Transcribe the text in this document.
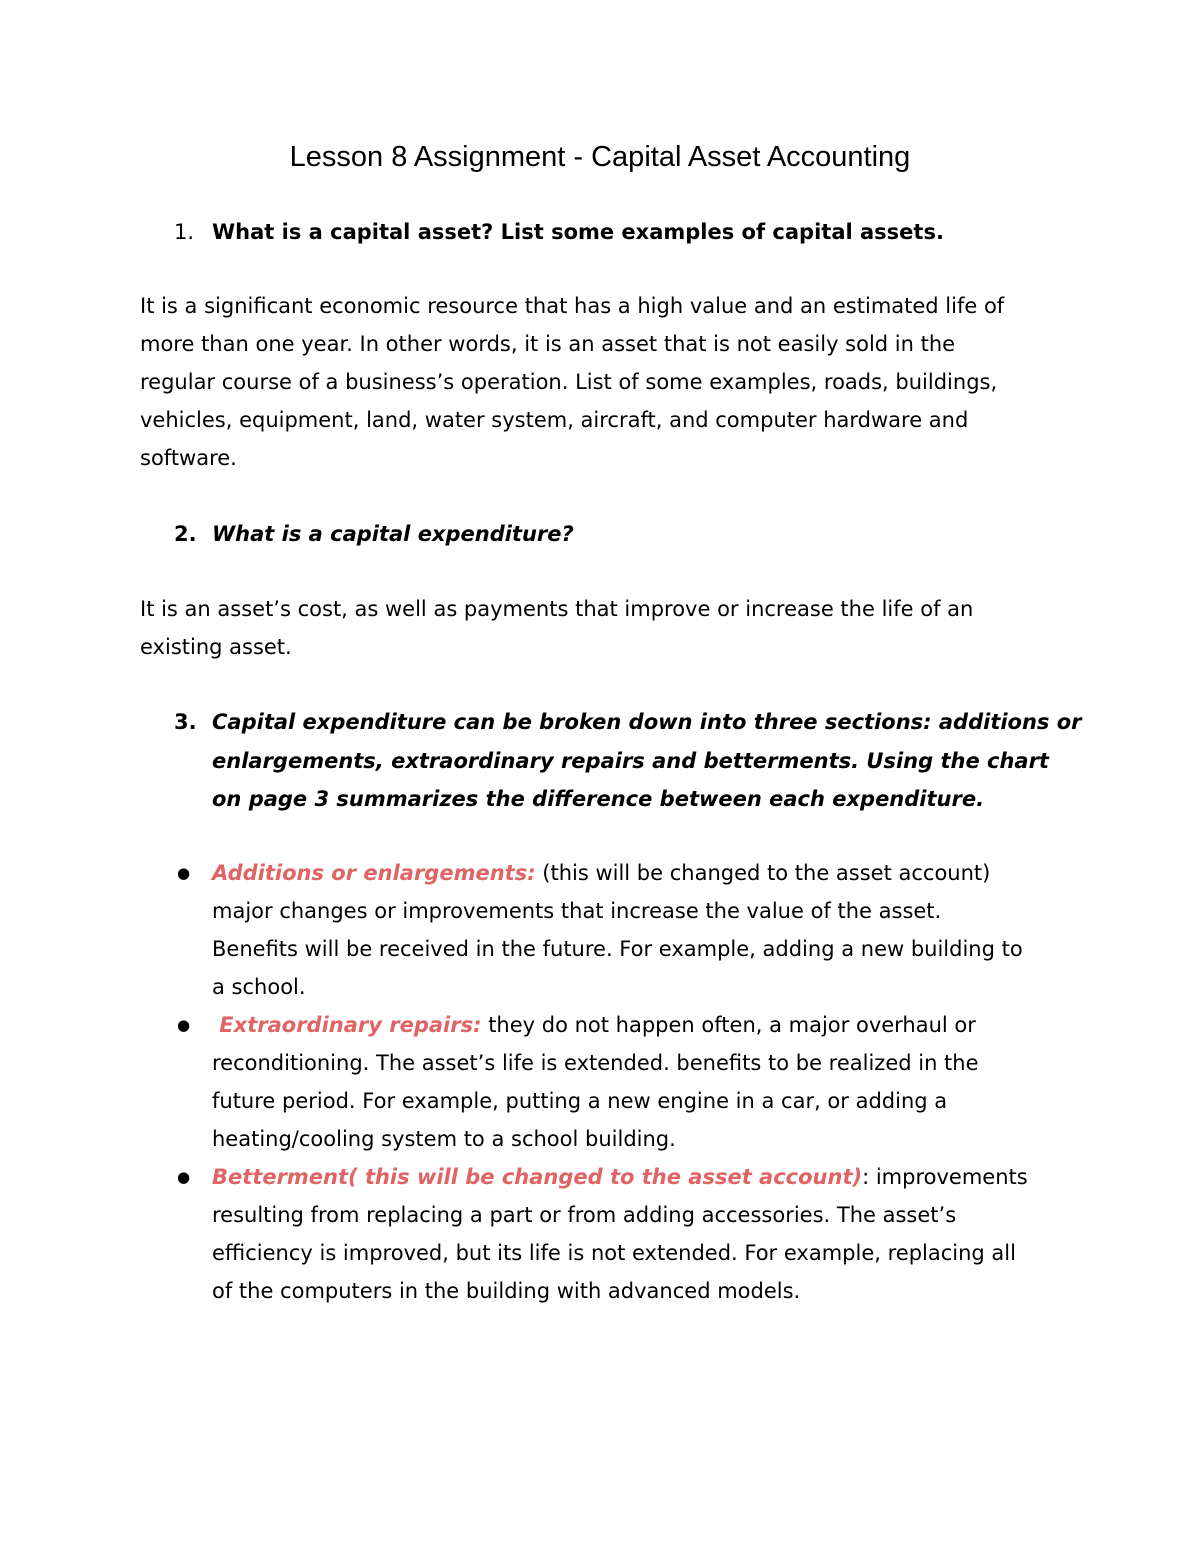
Lesson 8 Assignment - Capital Asset Accounting
1. What is a capital asset? List some examples of capital assets.
It is a significant economic resource that has a high value and an estimated life of
more than one year. In other words, it is an asset that is not easily sold in the
regular course of a business’s operation. List of some examples, roads, buildings,
vehicles, equipment, land, water system, aircraft, and computer hardware and
software.
2. What is a capital expenditure?
It is an asset’s cost, as well as payments that improve or increase the life of an
existing asset.
3. Capital expenditure can be broken down into three sections: additions or
enlargements, extraordinary repairs and betterments. Using the chart
on page 3 summarizes the difference between each expenditure.
● Additions or enlargements: (this will be changed to the asset account)
major changes or improvements that increase the value of the asset.
Benefits will be received in the future. For example, adding a new building to
a school.
● Extraordinary repairs: they do not happen often, a major overhaul or
reconditioning. The asset’s life is extended. benefits to be realized in the
future period. For example, putting a new engine in a car, or adding a
heating/cooling system to a school building.
● Betterment( this will be changed to the asset account): improvements
resulting from replacing a part or from adding accessories. The asset’s
efficiency is improved, but its life is not extended. For example, replacing all
of the computers in the building with advanced models.
